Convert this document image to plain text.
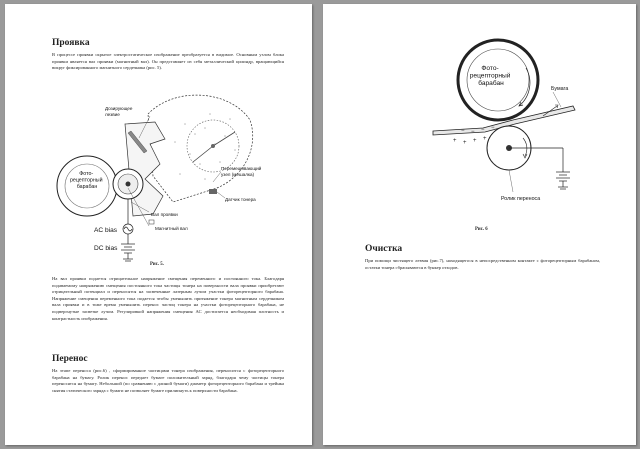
Проявка

В процессе проявки скрытое электростатическое изображение преобразуется в видимое. Основным узлом блока проявки является вал проявки (магнитный вал). Он представляет из себя металлический цилиндр, вращающийся вокруг фиксированного магнитного сердечника (рис. 5).

Фото- рецепторный барабан
Дозирующее лезвие
Перемешивающий узел (мешалка)
Датчик тонера
Вал проявки
Магнитный вал
AC bias
DC bias
Рис. 5.

На вал проявки подается отрицательное напряжение смещения переменного и постоянного тока. Благодаря подаваемому напряжению смещения постоянного тока частицы тонера на поверхности вала проявки приобретают отрицательный потенциал и переносятся на засвеченные лазерным лучом участки фоторецепторного барабана. Напряжение смещения переменного тока подается чтобы уменьшить притяжение тонера магнитным сердечником вала проявки и в тоже время уменьшить перенос частиц тонера на участки фоторецепторного барабана, не подвергнутые засветке лучом. Регулировкой напряжения смещения АС достигается необходимая плотность и контрастность изображения.

Перенос

На этапе переноса (рис.6) , сформированное частицами тонера изображения, переносится с фоторецепторного барабана на бумагу. Ролик перенос передает бумаге положительный заряд, благодаря чему частицы тонера переносятся на бумагу. Небольшой (по сравнению с длиной бумаги) диаметр фоторецепторного барабана и трейнка снятия статического заряда с бумаги не позволяет бумаге прилипнуть к поверхности барабана.

Фото- рецепторный барабан
Бумага
− − − −
+ + + +
Ролик переноса
Рис. 6
Очистка

При помощи чистящего лезвия (рис.7), находящегося в непосредственном контакте с фоторецепторным барабаном, остатки тонера сбрасываются в бункер отходов.
